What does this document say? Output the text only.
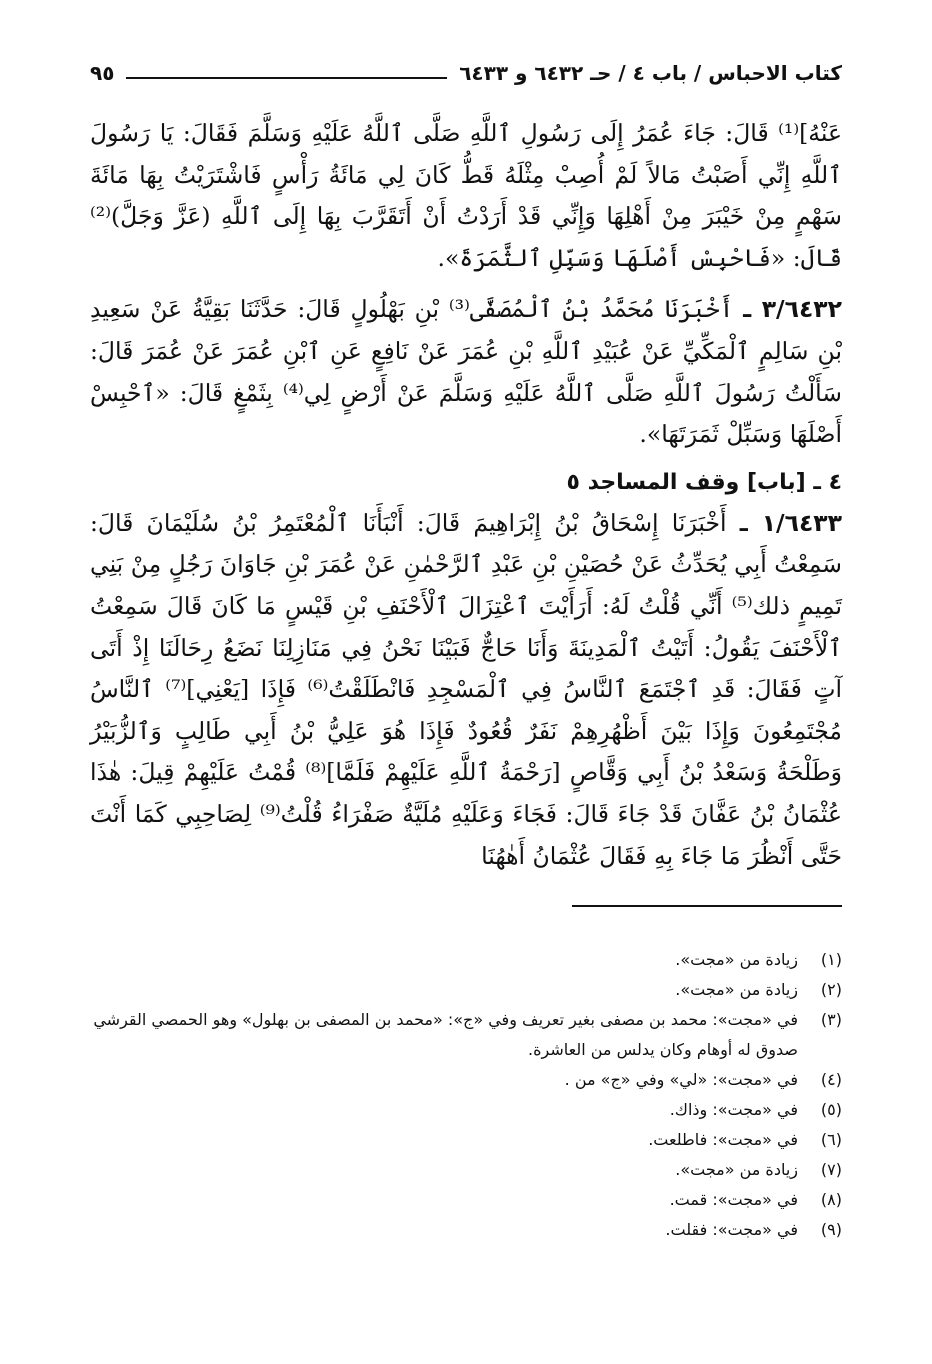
كتاب الاحباس / باب ٤ / حـ ٦٤٣٢ و ٦٤٣٣
٩٥

عَنْهُ]⁽¹⁾ قَالَ: جَاءَ عُمَرُ إِلَى رَسُولِ ٱللَّهِ صَلَّى ٱللَّهُ عَلَيْهِ وَسَلَّمَ فَقَالَ: يَا رَسُولَ ٱللَّهِ إِنِّي أَصَبْتُ مَالاً لَمْ أُصِبْ مِثْلَهُ قَطُّ كَانَ لِي مَائَةُ رَأْسٍ فَاشْتَرَيْتُ بِهَا مَائَةَ سَهْمٍ مِنْ خَيْبَرَ مِنْ أَهْلِهَا وَإِنِّي قَدْ أَرَدْتُ أَنْ أَتَقَرَّبَ بِهَا إِلَى ٱللَّهِ (عَزَّ وَجَلَّ)⁽²⁾ قَالَ: «فَاحْبِسْ أَصْلَهَا وَسَبِّلِ ٱلثَّمَرَةَ».

٣/٦٤٣٢ ـ أَخْبَرَنَا مُحَمَّدُ بْنُ ٱلْمُصَفَّى⁽³⁾ بْنِ بَهْلُولٍ قَالَ: حَدَّثَنَا بَقِيَّةُ عَنْ سَعِيدِ بْنِ سَالِمٍ ٱلْمَكِّيِّ عَنْ عُبَيْدِ ٱللَّهِ بْنِ عُمَرَ عَنْ نَافِعٍ عَنِ ٱبْنِ عُمَرَ عَنْ عُمَرَ قَالَ: سَأَلْتُ رَسُولَ ٱللَّهِ صَلَّى ٱللَّهُ عَلَيْهِ وَسَلَّمَ عَنْ أَرْضٍ لِي⁽⁴⁾ بِثَمْغٍ قَالَ: «ٱحْبِسْ أَصْلَهَا وَسَبِّلْ ثَمَرَتَهَا».

٤ ـ [باب] وقف المساجد ٥

١/٦٤٣٣ ـ أَخْبَرَنَا إِسْحَاقُ بْنُ إِبْرَاهِيمَ قَالَ: أَنْبَأَنَا ٱلْمُعْتَمِرُ بْنُ سُلَيْمَانَ قَالَ: سَمِعْتُ أَبِي يُحَدِّثُ عَنْ حُصَيْنِ بْنِ عَبْدِ ٱلرَّحْمٰنِ عَنْ عُمَرَ بْنِ جَاوَانَ رَجُلٍ مِنْ بَنِي تَمِيمٍ ذلك⁽⁵⁾ أَنِّي قُلْتُ لَهُ: أَرَأَيْتَ ٱعْتِزَالَ ٱلْأَحْنَفِ بْنِ قَيْسٍ مَا كَانَ قَالَ سَمِعْتُ ٱلْأَحْنَفَ يَقُولُ: أَتَيْتُ ٱلْمَدِينَةَ وَأَنَا حَاجٌّ فَبَيْنَا نَحْنُ فِي مَنَازِلِنَا نَضَعُ رِحَالَنَا إِذْ أَتَى آتٍ فَقَالَ: قَدِ ٱجْتَمَعَ ٱلنَّاسُ فِي ٱلْمَسْجِدِ فَانْطَلَقْتُ⁽⁶⁾ فَإِذَا [يَعْنِي]⁽⁷⁾ ٱلنَّاسُ مُجْتَمِعُونَ وَإِذَا بَيْنَ أَظْهُرِهِمْ نَفَرٌ قُعُودٌ فَإِذَا هُوَ عَلِيُّ بْنُ أَبِي طَالِبٍ وَٱلزُّبَيْرُ وَطَلْحَةُ وَسَعْدُ بْنُ أَبِي وَقَّاصٍ [رَحْمَةُ ٱللَّهِ عَلَيْهِمْ فَلَمَّا]⁽⁸⁾ قُمْتُ عَلَيْهِمْ قِيلَ: هٰذَا عُثْمَانُ بْنُ عَفَّانَ قَدْ جَاءَ قَالَ: فَجَاءَ وَعَلَيْهِ مُلَيَّةٌ صَفْرَاءُ قُلْتُ⁽⁹⁾ لِصَاحِبِي كَمَا أَنْتَ حَتَّى أَنْظُرَ مَا جَاءَ بِهِ فَقَالَ عُثْمَانُ أَهٰهُنَا

(١)
زيادة من «مجت».
(٢)
زيادة من «مجت».
(٣)
في «مجت»: محمد بن مصفى بغير تعريف وفي «ج»: «محمد بن المصفى بن بهلول» وهو الحمصي القرشي صدوق له أوهام وكان يدلس من العاشرة.
(٤)
في «مجت»: «لي» وفي «ج» من .
(٥)
في «مجت»: وذاك.
(٦)
في «مجت»: فاطلعت.
(٧)
زيادة من «مجت».
(٨)
في «مجت»: قمت.
(٩)
في «مجت»: فقلت.
